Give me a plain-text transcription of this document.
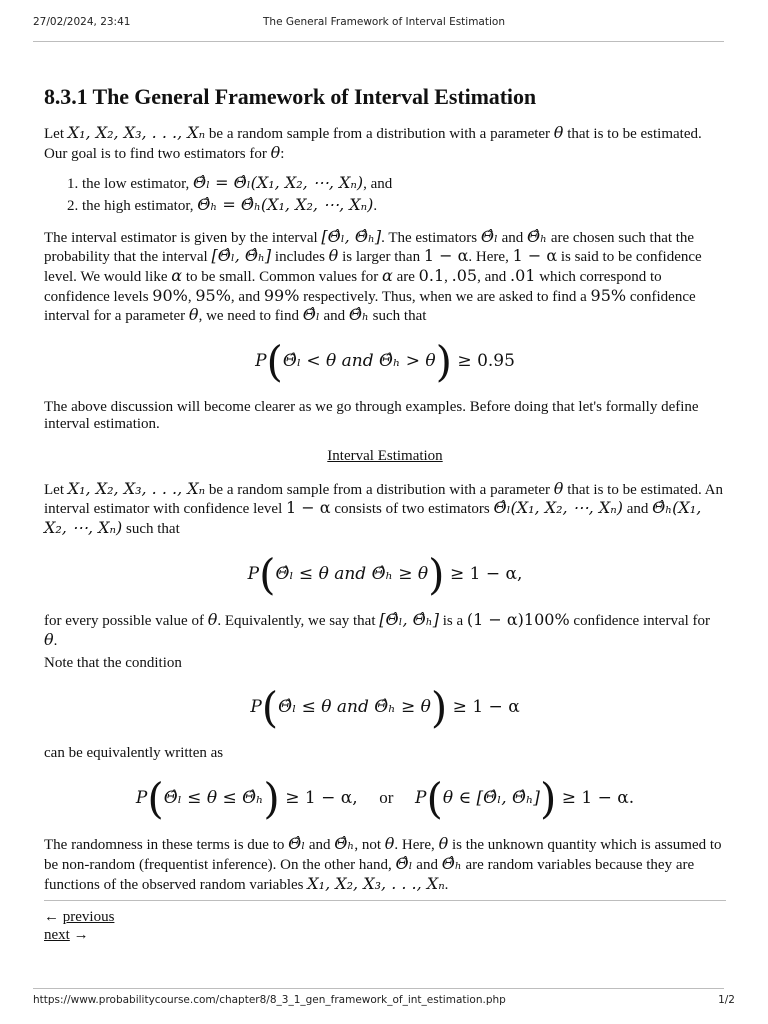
27/02/2024, 23:41	The General Framework of Interval Estimation
8.3.1 The General Framework of Interval Estimation

Let X₁, X₂, X₃, . . ., Xₙ be a random sample from a distribution with a parameter θ that is to be estimated. Our goal is to find two estimators for θ:

1. the low estimator, Θ̂ₗ = Θ̂ₗ(X₁, X₂, ⋯, Xₙ), and
2. the high estimator, Θ̂ₕ = Θ̂ₕ(X₁, X₂, ⋯, Xₙ).

The interval estimator is given by the interval [Θ̂ₗ, Θ̂ₕ]. The estimators Θ̂ₗ and Θ̂ₕ are chosen such that the probability that the interval [Θ̂ₗ, Θ̂ₕ] includes θ is larger than 1 − α. Here, 1 − α is said to be confidence level. We would like α to be small. Common values for α are 0.1, .05, and .01 which correspond to confidence levels 90%, 95%, and 99% respectively. Thus, when we are asked to find a 95% confidence interval for a parameter θ, we need to find Θ̂ₗ and Θ̂ₕ such that

P(Θ̂ₗ < θ and Θ̂ₕ > θ) ≥ 0.95

The above discussion will become clearer as we go through examples. Before doing that let's formally define interval estimation.

Interval Estimation

Let X₁, X₂, X₃, . . ., Xₙ be a random sample from a distribution with a parameter θ that is to be estimated. An interval estimator with confidence level 1 − α consists of two estimators Θ̂ₗ(X₁, X₂, ⋯, Xₙ) and Θ̂ₕ(X₁, X₂, ⋯, Xₙ) such that

P(Θ̂ₗ ≤ θ and Θ̂ₕ ≥ θ) ≥ 1 − α,

for every possible value of θ. Equivalently, we say that [Θ̂ₗ, Θ̂ₕ] is a (1 − α)100% confidence interval for θ.

Note that the condition

P(Θ̂ₗ ≤ θ and Θ̂ₕ ≥ θ) ≥ 1 − α

can be equivalently written as

P(Θ̂ₗ ≤ θ ≤ Θ̂ₕ) ≥ 1 − α, or P(θ ∈ [Θ̂ₗ, Θ̂ₕ]) ≥ 1 − α.

The randomness in these terms is due to Θ̂ₗ and Θ̂ₕ, not θ. Here, θ is the unknown quantity which is assumed to be non-random (frequentist inference). On the other hand, Θ̂ₗ and Θ̂ₕ are random variables because they are functions of the observed random variables X₁, X₂, X₃, . . ., Xₙ.

← previous
next →
https://www.probabilitycourse.com/chapter8/8_3_1_gen_framework_of_int_estimation.php	1/2
